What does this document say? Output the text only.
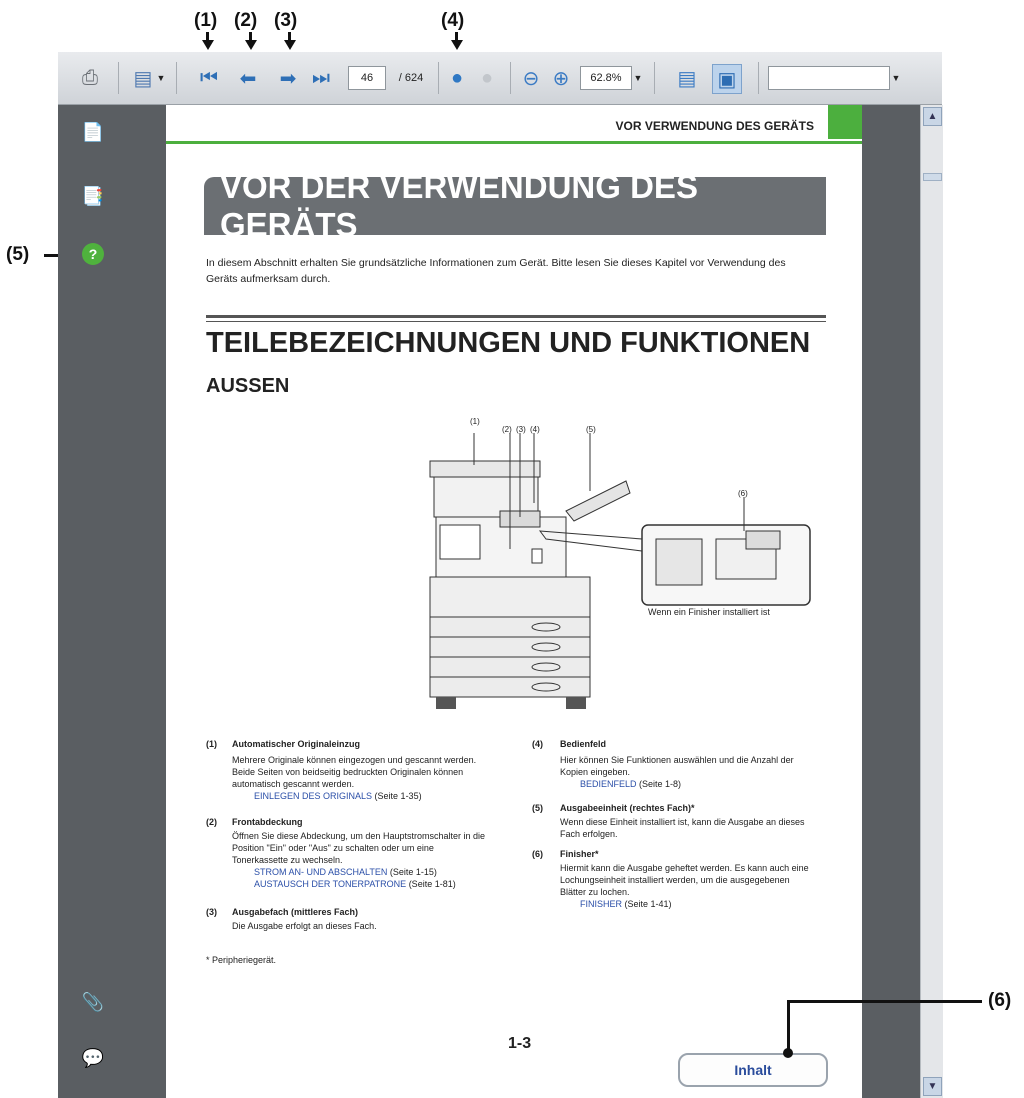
(1) (2) (3)	(4)
(5)
(6)
⎙	▤ ▼ ⏮ ⬅ ➡ ⏭	46	/ 624	● ●	⊖ ⊕	62.8%	▼ ▤ ▣	▼
📄
📑
?
📎
💬
▲
▼
VOR VERWENDUNG DES GERÄTS
VOR DER VERWENDUNG DES GERÄTS
In diesem Abschnitt erhalten Sie grundsätzliche Informationen zum Gerät. Bitte lesen Sie dieses Kapitel vor Verwendung des Geräts aufmerksam durch.
TEILEBEZEICHNUNGEN UND FUNKTIONEN
AUSSEN
(1)
(2) (3) (4)	(5)
(6)
Wenn ein Finisher installiert ist
(1) Automatischer Originaleinzug
Mehrere Originale können eingezogen und gescannt werden. Beide Seiten von beidseitig bedruckten Originalen können automatisch gescannt werden.
EINLEGEN DES ORIGINALS (Seite 1-35)
(2) Frontabdeckung
Öffnen Sie diese Abdeckung, um den Hauptstromschalter in die Position "Ein" oder "Aus" zu schalten oder um eine Tonerkassette zu wechseln.
STROM AN- UND ABSCHALTEN (Seite 1-15)
AUSTAUSCH DER TONERPATRONE (Seite 1-81)
(3) Ausgabefach (mittleres Fach)
Die Ausgabe erfolgt an dieses Fach.
(4) Bedienfeld
Hier können Sie Funktionen auswählen und die Anzahl der Kopien eingeben.
BEDIENFELD (Seite 1-8)
(5) Ausgabeeinheit (rechtes Fach)*
Wenn diese Einheit installiert ist, kann die Ausgabe an dieses Fach erfolgen.
(6) Finisher*
Hiermit kann die Ausgabe geheftet werden. Es kann auch eine Lochungseinheit installiert werden, um die ausgegebenen Blätter zu lochen.
FINISHER (Seite 1-41)
* Peripheriegerät.
1-3
Inhalt
